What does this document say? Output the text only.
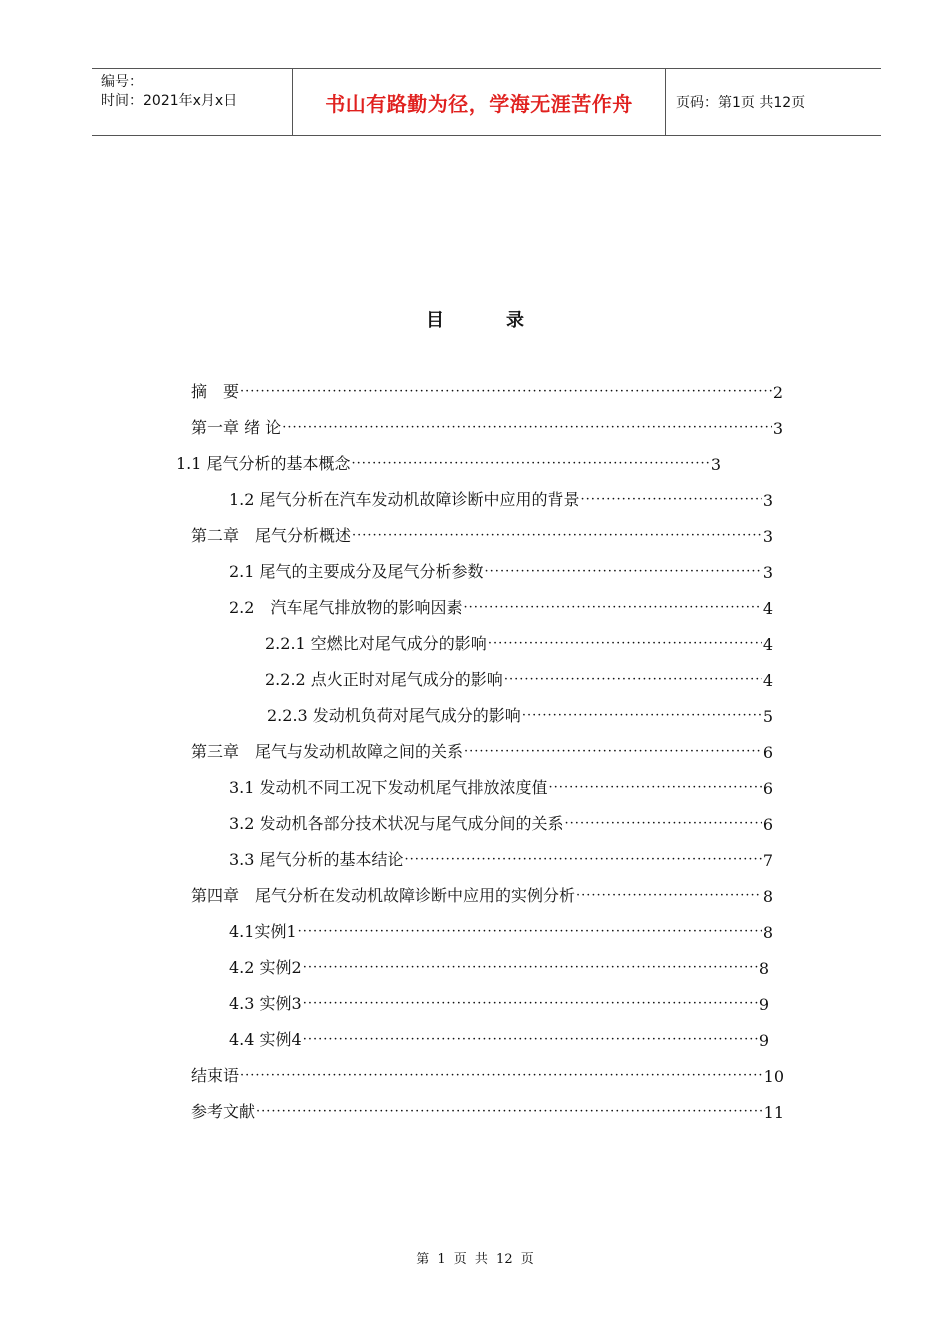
编号：
时间：2021年x月x日	书山有路勤为径，学海无涯苦作舟	页码：第1页 共12页
目录
摘　要 ·····	2
第一章 绪 论 ·····	3
1.1 尾气分析的基本概念 ·····	3
1.2 尾气分析在汽车发动机故障诊断中应用的背景 ·····	3
第二章　尾气分析概述 ·····	3
2.1 尾气的主要成分及尾气分析参数 ·····	3
2.2　汽车尾气排放物的影响因素 ·····	4
2.2.1 空燃比对尾气成分的影响 ·····	4
2.2.2 点火正时对尾气成分的影响 ·····	4
2.2.3 发动机负荷对尾气成分的影响 ·····	5
第三章　尾气与发动机故障之间的关系 ·····	6
3.1 发动机不同工况下发动机尾气排放浓度值 ·····	6
3.2 发动机各部分技术状况与尾气成分间的关系 ·····	6
3.3 尾气分析的基本结论 ·····	7
第四章　尾气分析在发动机故障诊断中应用的实例分析 ·····	8
4.1实例1 ·····	8
4.2 实例2 ·····	8
4.3 实例3 ·····	9
4.4 实例4 ·····	9
结束语 ·····	10
参考文献 ·····	11
第 1 页 共 12 页
